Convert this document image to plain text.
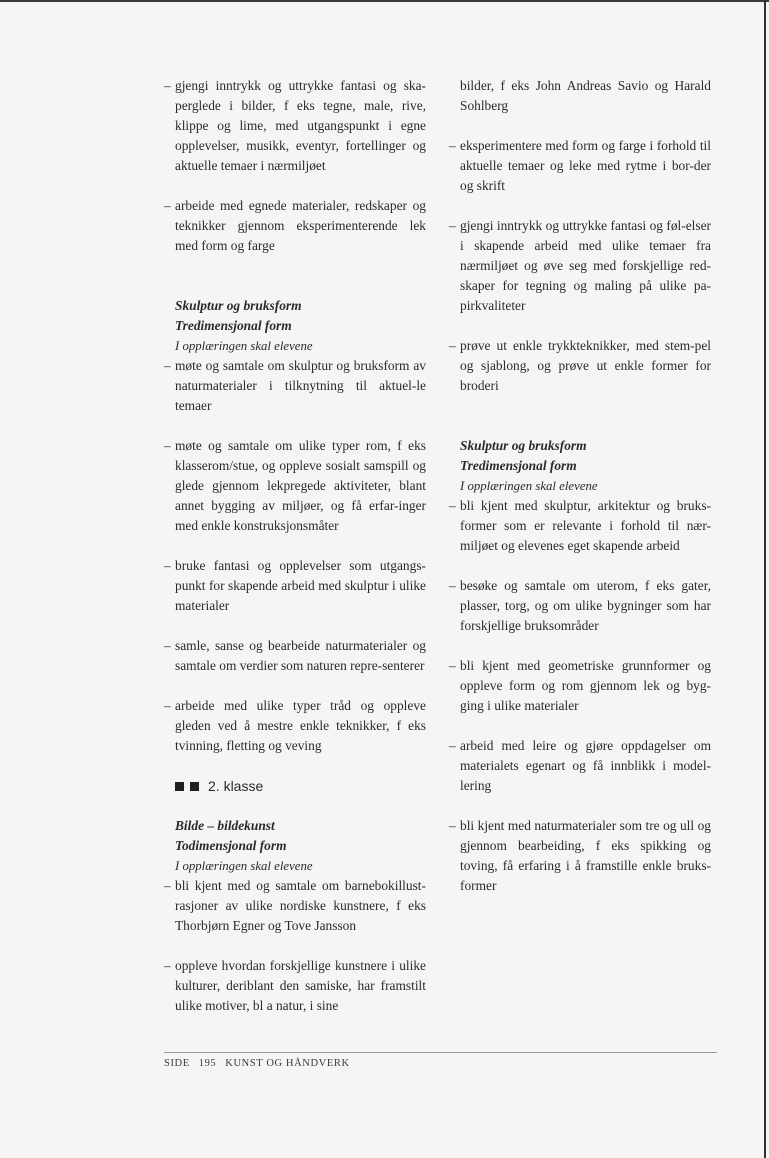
– gjengi inntrykk og uttrykke fantasi og ska-perglede i bilder, f eks tegne, male, rive, klippe og lime, med utgangspunkt i egne opplevelser, musikk, eventyr, fortellinger og aktuelle temaer i nærmiljøet
– arbeide med egnede materialer, redskaper og teknikker gjennom eksperimenterende lek med form og farge
Skulptur og bruksform
Tredimensjonal form
I opplæringen skal elevene
– møte og samtale om skulptur og bruksform av naturmaterialer i tilknytning til aktuel-le temaer
– møte og samtale om ulike typer rom, f eks klasserom/stue, og oppleve sosialt samspill og glede gjennom lekpregede aktiviteter, blant annet bygging av miljøer, og få erfar-inger med enkle konstruksjonsmåter
– bruke fantasi og opplevelser som utgangs-punkt for skapende arbeid med skulptur i ulike materialer
– samle, sanse og bearbeide naturmaterialer og samtale om verdier som naturen repre-senterer
– arbeide med ulike typer tråd og oppleve gleden ved å mestre enkle teknikker, f eks tvinning, fletting og veving
2. klasse
Bilde – bildekunst
Todimensjonal form
I opplæringen skal elevene
– bli kjent med og samtale om barnebokillust-rasjoner av ulike nordiske kunstnere, f eks Thorbjørn Egner og Tove Jansson
– oppleve hvordan forskjellige kunstnere i ulike kulturer, deriblant den samiske, har framstilt ulike motiver, bl a natur, i sine
bilder, f eks John Andreas Savio og Harald Sohlberg
– eksperimentere med form og farge i forhold til aktuelle temaer og leke med rytme i bor-der og skrift
– gjengi inntrykk og uttrykke fantasi og føl-elser i skapende arbeid med ulike temaer fra nærmiljøet og øve seg med forskjellige red-skaper for tegning og maling på ulike pa-pirkvaliteter
– prøve ut enkle trykkteknikker, med stem-pel og sjablong, og prøve ut enkle former for broderi
Skulptur og bruksform
Tredimensjonal form
I opplæringen skal elevene
– bli kjent med skulptur, arkitektur og bruks-former som er relevante i forhold til nær-miljøet og elevenes eget skapende arbeid
– besøke og samtale om uterom, f eks gater, plasser, torg, og om ulike bygninger som har forskjellige bruksområder
– bli kjent med geometriske grunnformer og oppleve form og rom gjennom lek og byg-ging i ulike materialer
– arbeid med leire og gjøre oppdagelser om materialets egenart og få innblikk i model-lering
– bli kjent med naturmaterialer som tre og ull og gjennom bearbeiding, f eks spikking og toving, få erfaring i å framstille enkle bruks-former
SIDE 195 KUNST OG HÅNDVERK
